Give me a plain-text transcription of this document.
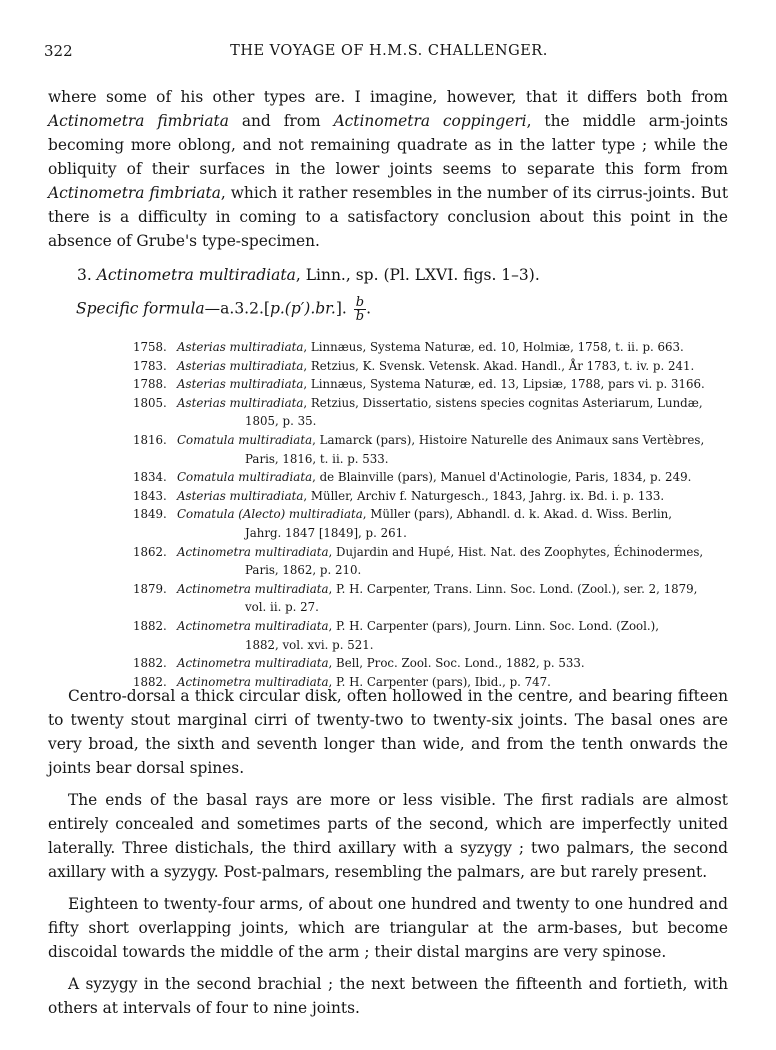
322	THE VOYAGE OF H.M.S. CHALLENGER.

where some of his other types are. I imagine, however, that it differs both from Actinometra fimbriata and from Actinometra coppingeri, the middle arm-joints becoming more oblong, and not remaining quadrate as in the latter type ; while the obliquity of their surfaces in the lower joints seems to separate this form from Actinometra fimbriata, which it rather resembles in the number of its cirrus-joints. But there is a difficulty in coming to a satisfactory conclusion about this point in the absence of Grube's type-specimen.

3. Actinometra multiradiata, Linn., sp. (Pl. LXVI. figs. 1–3).
Specific formula—a.3.2.[p.(p′).br.]. $\frac{b}{b}$ .
1758. Asterias multiradiata, Linnæus, Systema Naturæ, ed. 10, Holmiæ, 1758, t. ii. p. 663.
1783. Asterias multiradiata, Retzius, K. Svensk. Vetensk. Akad. Handl., År 1783, t. iv. p. 241.
1788. Asterias multiradiata, Linnæus, Systema Naturæ, ed. 13, Lipsiæ, 1788, pars vi. p. 3166.
1805. Asterias multiradiata, Retzius, Dissertatio, sistens species cognitas Asteriarum, Lundæ,
1805, p. 35.
1816. Comatula multiradiata, Lamarck (pars), Histoire Naturelle des Animaux sans Vertèbres,
Paris, 1816, t. ii. p. 533.
1834. Comatula multiradiata, de Blainville (pars), Manuel d'Actinologie, Paris, 1834, p. 249.
1843. Asterias multiradiata, Müller, Archiv f. Naturgesch., 1843, Jahrg. ix. Bd. i. p. 133.
1849. Comatula (Alecto) multiradiata, Müller (pars), Abhandl. d. k. Akad. d. Wiss. Berlin,
Jahrg. 1847 [1849], p. 261.
1862. Actinometra multiradiata, Dujardin and Hupé, Hist. Nat. des Zoophytes, Échinodermes,
Paris, 1862, p. 210.
1879. Actinometra multiradiata, P. H. Carpenter, Trans. Linn. Soc. Lond. (Zool.), ser. 2, 1879,
vol. ii. p. 27.
1882. Actinometra multiradiata, P. H. Carpenter (pars), Journ. Linn. Soc. Lond. (Zool.),
1882, vol. xvi. p. 521.
1882. Actinometra multiradiata, Bell, Proc. Zool. Soc. Lond., 1882, p. 533.
1882. Actinometra multiradiata, P. H. Carpenter (pars), Ibid., p. 747.

Centro-dorsal a thick circular disk, often hollowed in the centre, and bearing fifteen to twenty stout marginal cirri of twenty-two to twenty-six joints. The basal ones are very broad, the sixth and seventh longer than wide, and from the tenth onwards the joints bear dorsal spines.

The ends of the basal rays are more or less visible. The first radials are almost entirely concealed and sometimes parts of the second, which are imperfectly united laterally. Three distichals, the third axillary with a syzygy ; two palmars, the second axillary with a syzygy. Post-palmars, resembling the palmars, are but rarely present.

Eighteen to twenty-four arms, of about one hundred and twenty to one hundred and fifty short overlapping joints, which are triangular at the arm-bases, but become discoidal towards the middle of the arm ; their distal margins are very spinose.

A syzygy in the second brachial ; the next between the fifteenth and fortieth, with others at intervals of four to nine joints.
